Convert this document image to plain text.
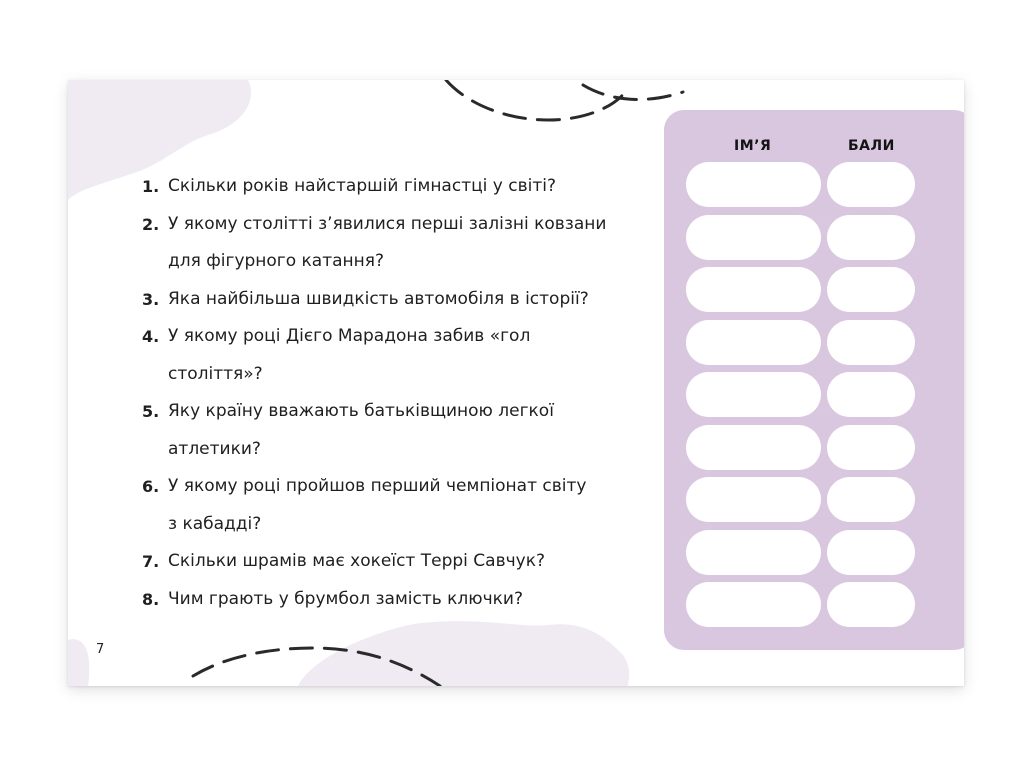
1. Скільки років найстаршій гімнастці у світі?
2. У якому столітті з’явилися перші залізні ковзани
для фігурного катання?
3. Яка найбільша швидкість автомобіля в історії?
4. У якому році Дієго Марадона забив «гол
століття»?
5. Яку країну вважають батьківщиною легкої
атлетики?
6. У якому році пройшов перший чемпіонат світу
з кабадді?
7. Скільки шрамів має хокеїст Террі Савчук?
8. Чим грають у брумбол замість ключки?
7
ІМ’Я	БАЛИ
